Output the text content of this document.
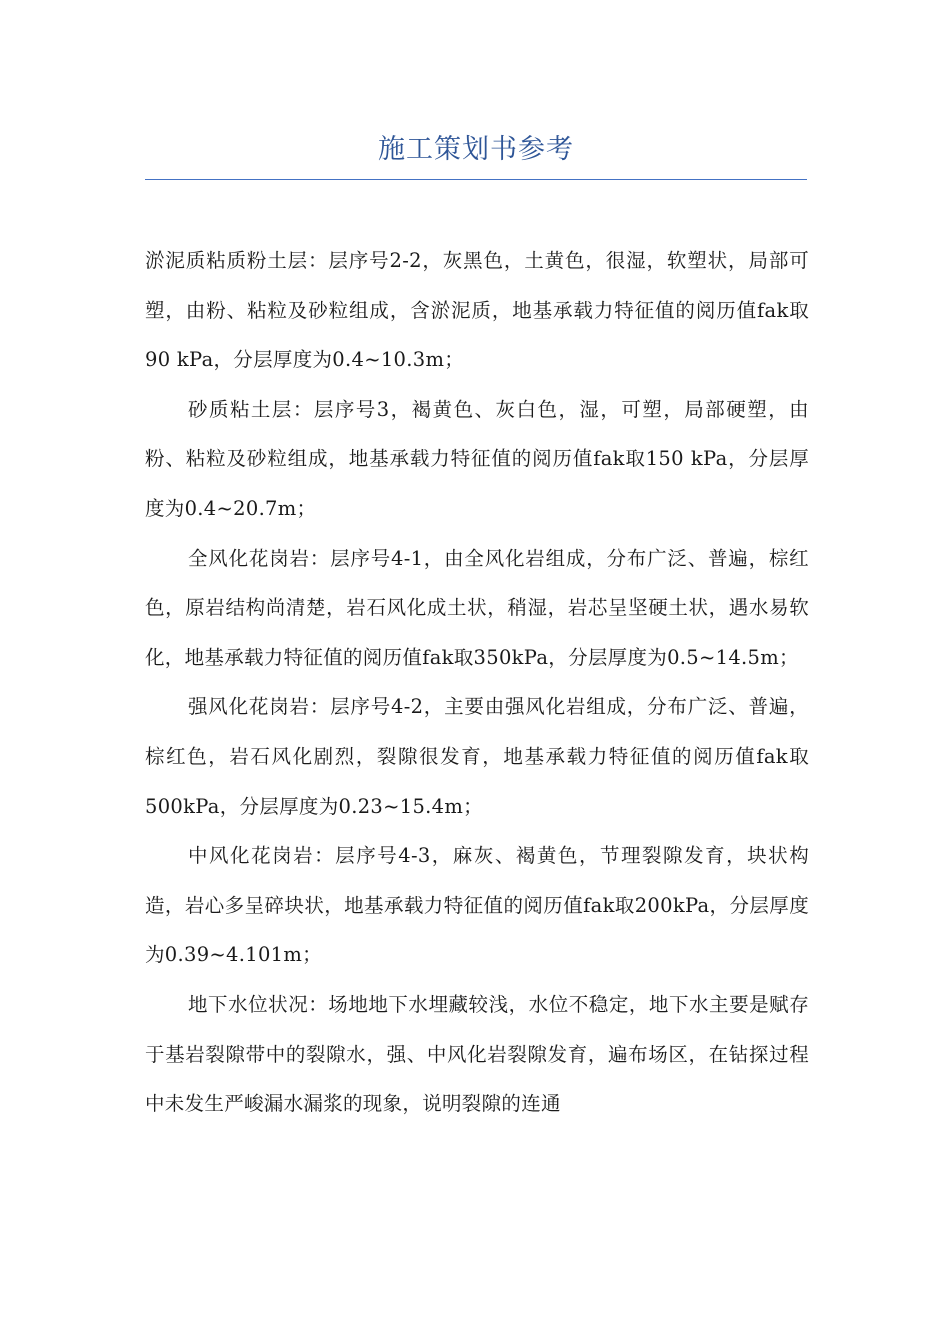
施工策划书参考

淤泥质粘质粉土层：层序号2-2，灰黑色，土黄色，很湿，软塑状，局部可塑，由粉、粘粒及砂粒组成，含淤泥质，地基承载力特征值的阅历值fak取90 kPa，分层厚度为0.4~10.3m；

砂质粘土层：层序号3，褐黄色、灰白色，湿，可塑，局部硬塑，由粉、粘粒及砂粒组成，地基承载力特征值的阅历值fak取150 kPa，分层厚度为0.4~20.7m；

全风化花岗岩：层序号4-1，由全风化岩组成，分布广泛、普遍，棕红色，原岩结构尚清楚，岩石风化成土状，稍湿，岩芯呈坚硬土状，遇水易软化，地基承载力特征值的阅历值fak取350kPa，分层厚度为0.5~14.5m；

强风化花岗岩：层序号4-2，主要由强风化岩组成，分布广泛、普遍，棕红色，岩石风化剧烈，裂隙很发育，地基承载力特征值的阅历值fak取500kPa，分层厚度为0.23~15.4m；

中风化花岗岩：层序号4-3，麻灰、褐黄色，节理裂隙发育，块状构造，岩心多呈碎块状，地基承载力特征值的阅历值fak取200kPa，分层厚度为0.39~4.101m；

地下水位状况：场地地下水埋藏较浅，水位不稳定，地下水主要是赋存于基岩裂隙带中的裂隙水，强、中风化岩裂隙发育，遍布场区，在钻探过程中未发生严峻漏水漏浆的现象，说明裂隙的连通
